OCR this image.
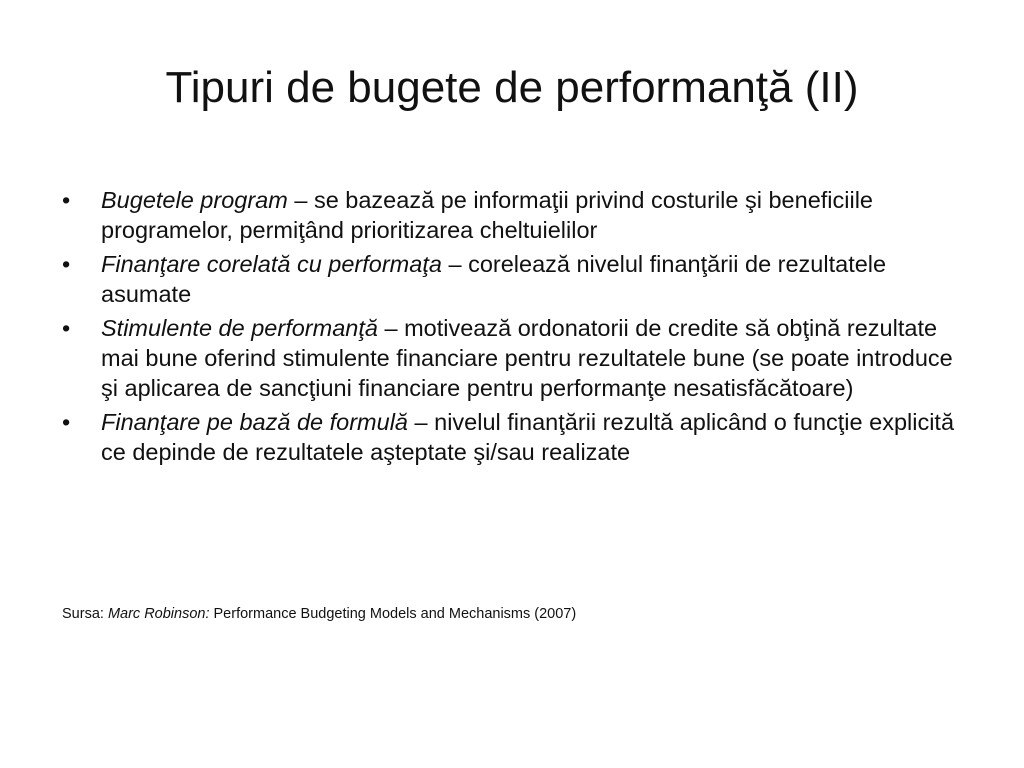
Tipuri de bugete de performanţă (II)
•	Bugetele program – se bazează pe informaţii privind costurile şi beneficiile programelor, permiţând prioritizarea cheltuielilor
•	Finanţare corelată cu performaţa – corelează nivelul finanţării de rezultatele asumate
•	Stimulente de performanţă – motivează ordonatorii de credite să obţină rezultate mai bune oferind stimulente financiare pentru rezultatele bune (se poate introduce şi aplicarea de sancţiuni financiare pentru performanţe nesatisfăcătoare)
•	Finanţare pe bază de formulă – nivelul finanţării rezultă aplicând o funcţie explicită ce depinde de rezultatele aşteptate şi/sau realizate
Sursa: Marc Robinson: Performance Budgeting Models and Mechanisms (2007)
